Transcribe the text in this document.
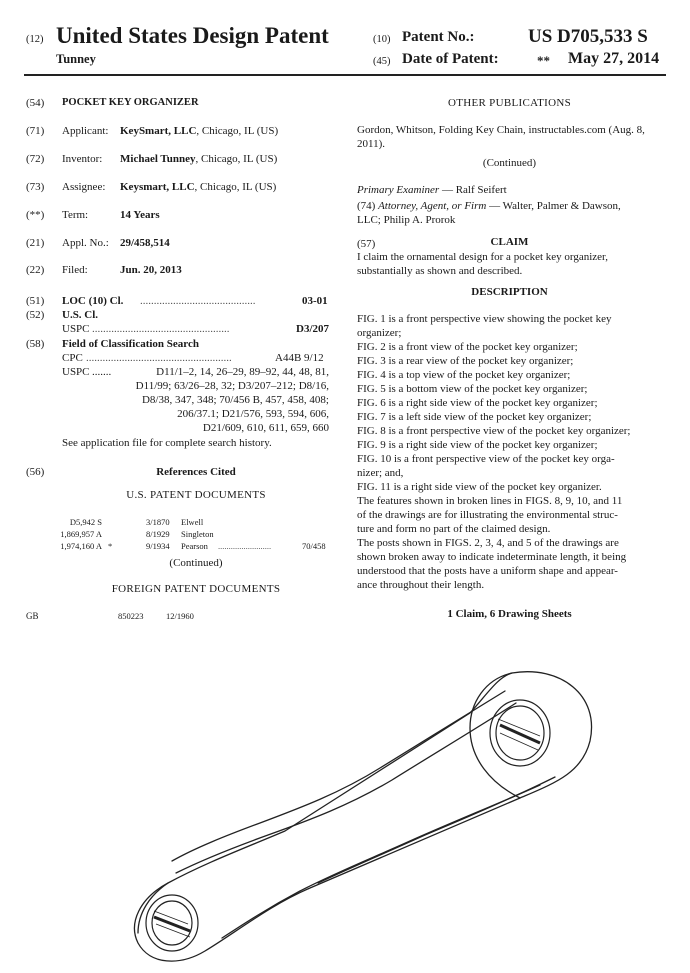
(12) United States Design Patent
Tunney
(10) Patent No.:	US D705,533 S
(45) Date of Patent:	** May 27, 2014
(54) POCKET KEY ORGANIZER
(71) Applicant: KeySmart, LLC, Chicago, IL (US)
(72) Inventor: Michael Tunney, Chicago, IL (US)
(73) Assignee: Keysmart, LLC, Chicago, IL (US)
(**) Term:	14 Years
(21) Appl. No.: 29/458,514
(22) Filed:	Jun. 20, 2013
(51) LOC (10) Cl. ..........................................	03-01
(52) U.S. Cl.
USPC ..................................................	D3/207
(58) Field of Classification Search
CPC .....................................................	A44B 9/12
USPC .......	D11/1–2, 14, 26–29, 89–92, 44, 48, 81,
D11/99; 63/26–28, 32; D3/207–212; D8/16,
D8/38, 347, 348; 70/456 B, 457, 458, 408;
206/37.1; D21/576, 593, 594, 606,
D21/609, 610, 611, 659, 660
See application file for complete search history.
(56)	References Cited
U.S. PATENT DOCUMENTS
D5,942 S	3/1870 Elwell
1,869,957 A	8/1929 Singleton
1,974,160 A *	9/1934 Pearson .........................	70/458
(Continued)
FOREIGN PATENT DOCUMENTS
GB	850223	12/1960
OTHER PUBLICATIONS
Gordon, Whitson, Folding Key Chain, instructables.com (Aug. 8,
2011).
(Continued)
Primary Examiner — Ralf Seifert
(74) Attorney, Agent, or Firm — Walter, Palmer & Dawson,
LLC; Philip A. Prorok
(57)	CLAIM
I claim the ornamental design for a pocket key organizer,
substantially as shown and described.
DESCRIPTION
FIG. 1 is a front perspective view showing the pocket key
organizer;
FIG. 2 is a front view of the pocket key organizer;
FIG. 3 is a rear view of the pocket key organizer;
FIG. 4 is a top view of the pocket key organizer;
FIG. 5 is a bottom view of the pocket key organizer;
FIG. 6 is a right side view of the pocket key organizer;
FIG. 7 is a left side view of the pocket key organizer;
FIG. 8 is a front perspective view of the pocket key organizer;
FIG. 9 is a right side view of the pocket key organizer;
FIG. 10 is a front perspective view of the pocket key orga-
nizer; and,
FIG. 11 is a right side view of the pocket key organizer.
The features shown in broken lines in FIGS. 8, 9, 10, and 11
of the drawings are for illustrating the environmental struc-
ture and form no part of the claimed design.
The posts shown in FIGS. 2, 3, 4, and 5 of the drawings are
shown broken away to indicate indeterminate length, it being
understood that the posts have a uniform shape and appear-
ance throughout their length.
1 Claim, 6 Drawing Sheets
